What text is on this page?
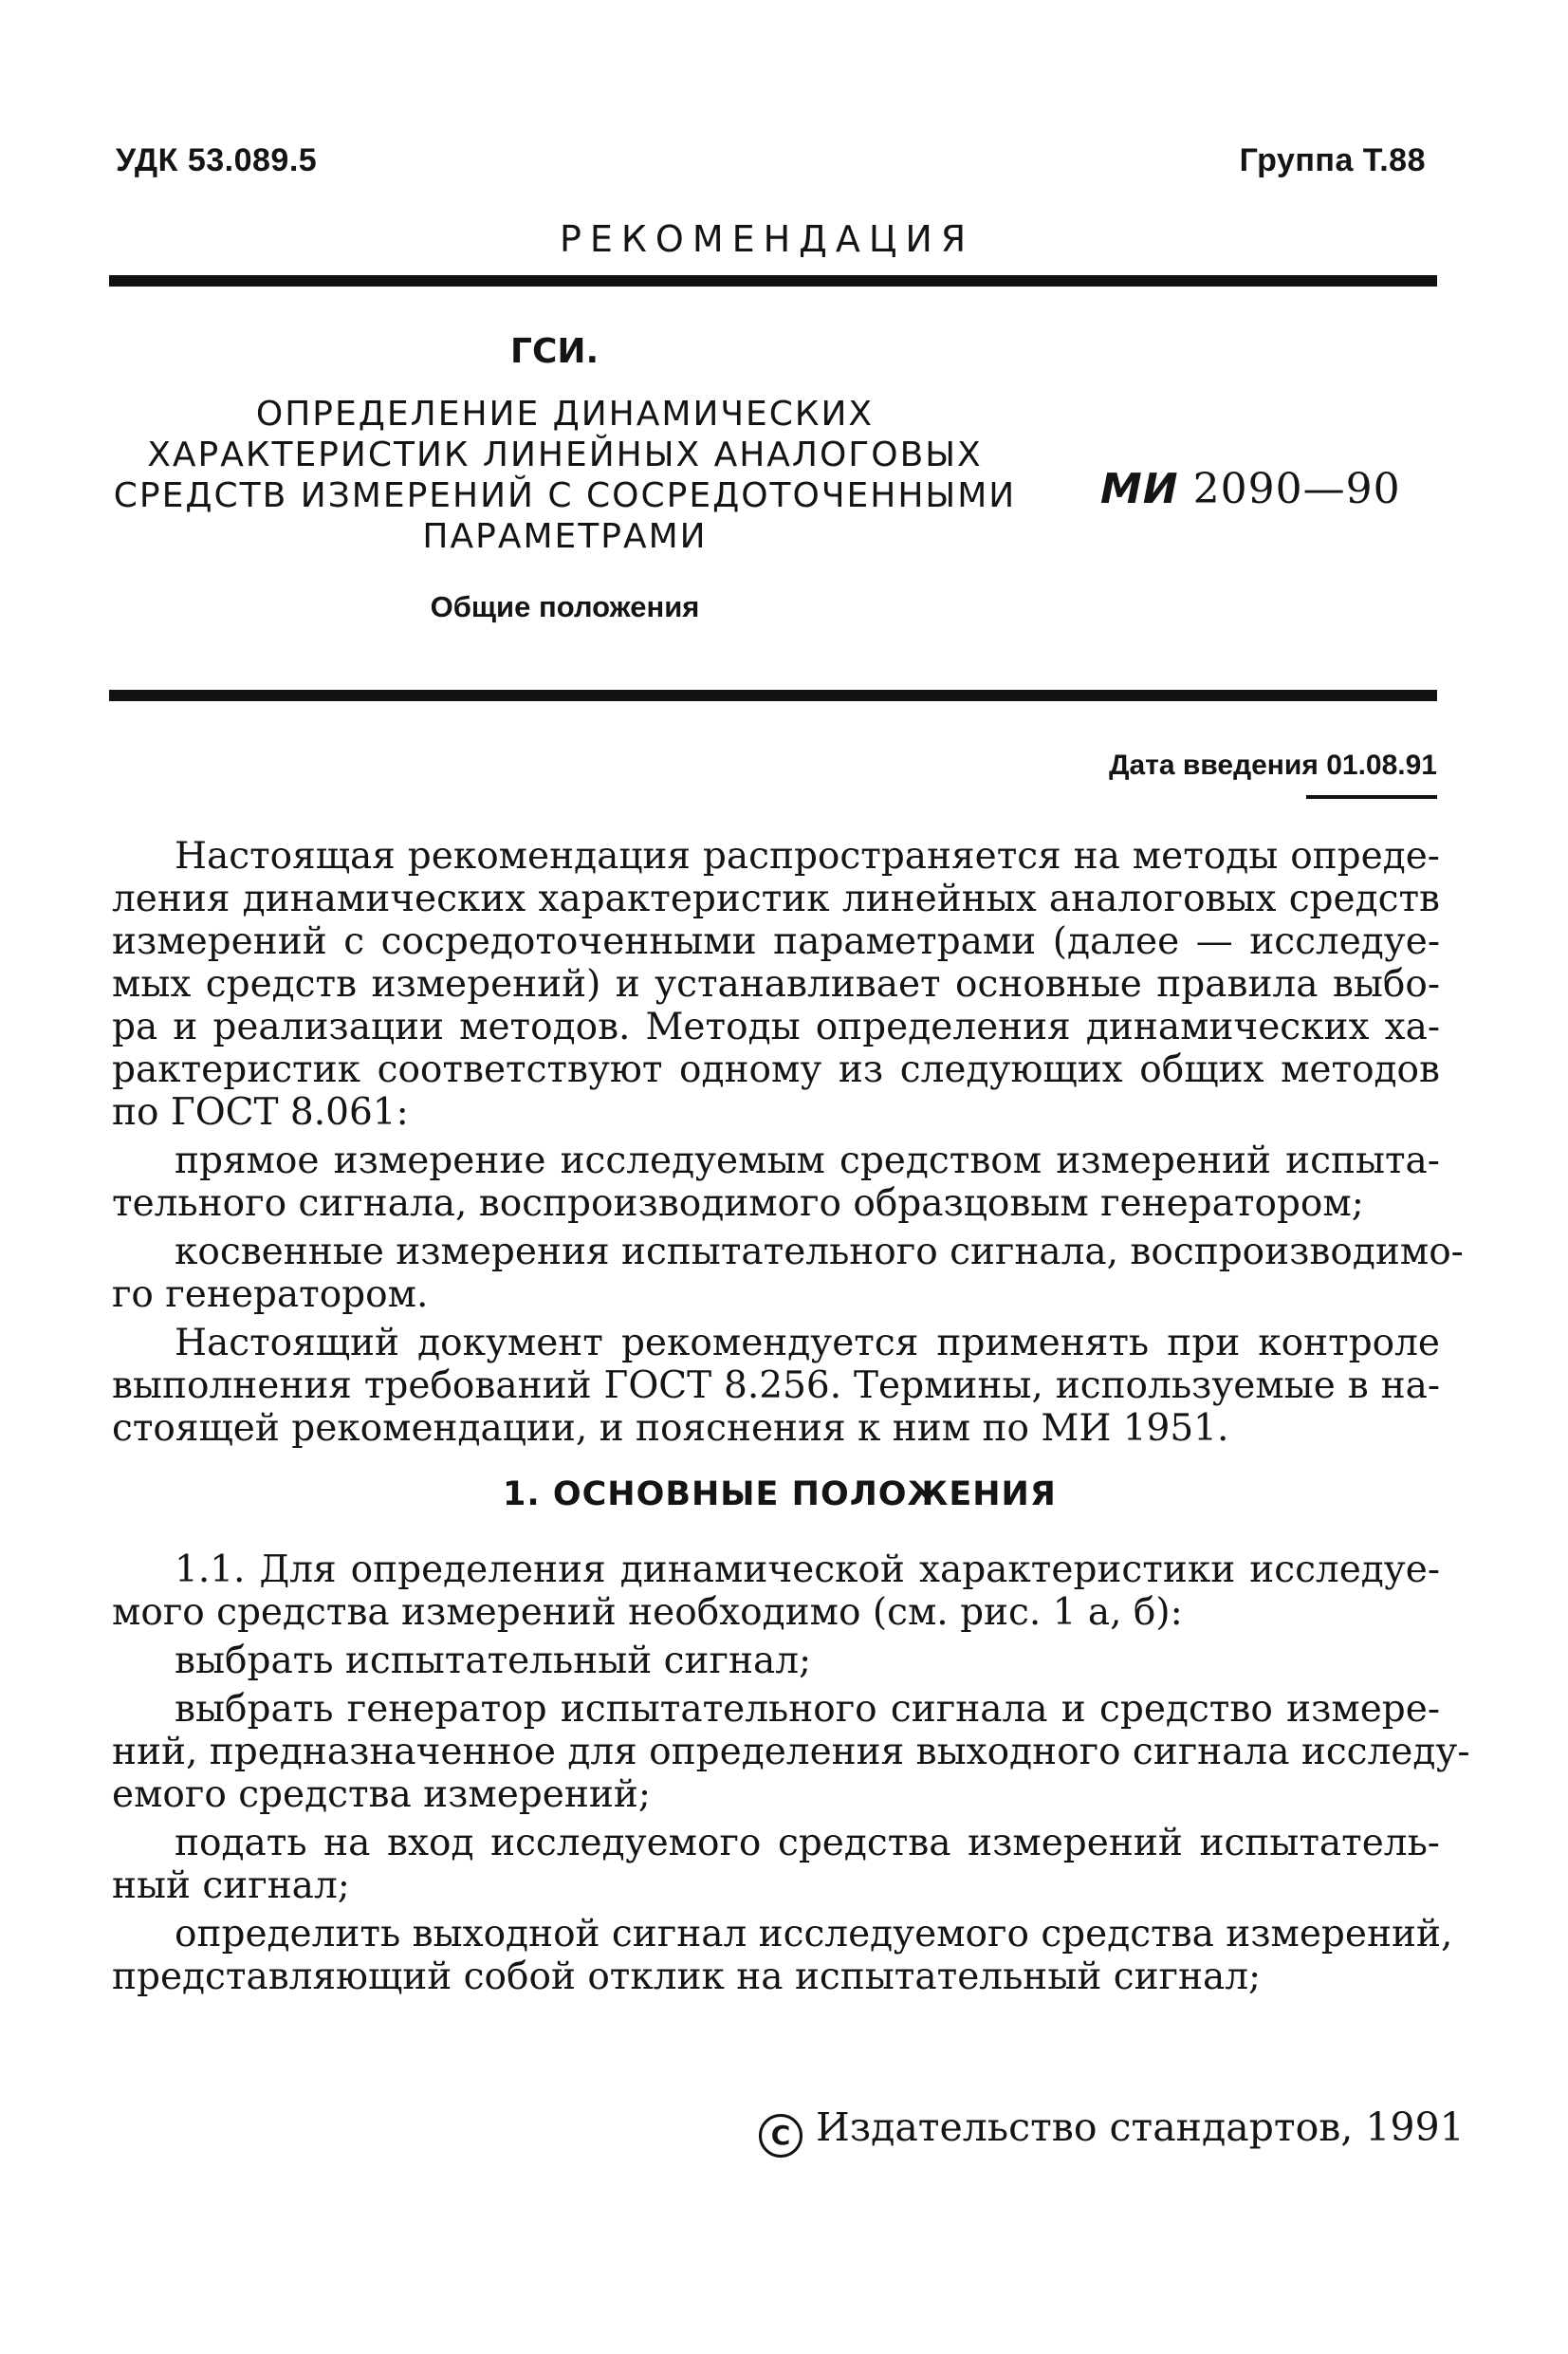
УДК 53.089.5	Группа Т.88
РЕКОМЕНДАЦИЯ
ГСИ.
ОПРЕДЕЛЕНИЕ ДИНАМИЧЕСКИХ
ХАРАКТЕРИСТИК ЛИНЕЙНЫХ АНАЛОГОВЫХ
СРЕДСТВ ИЗМЕРЕНИЙ С СОСРЕДОТОЧЕННЫМИ
ПАРАМЕТРАМИ
Общие положения
МИ 2090—90
Дата введения 01.08.91
Настоящая рекомендация распространяется на методы опреде-
ления динамических характеристик линейных аналоговых средств
измерений с сосредоточенными параметрами (далее — исследуе-
мых средств измерений) и устанавливает основные правила выбо-
ра и реализации методов. Методы определения динамических ха-
рактеристик соответствуют одному из следующих общих методов
по ГОСТ 8.061:
прямое измерение исследуемым средством измерений испыта-
тельного сигнала, воспроизводимого образцовым генератором;
косвенные измерения испытательного сигнала, воспроизводимо-
го генератором.
Настоящий документ рекомендуется применять при контроле
выполнения требований ГОСТ 8.256. Термины, используемые в на-
стоящей рекомендации, и пояснения к ним по МИ 1951.
1. ОСНОВНЫЕ ПОЛОЖЕНИЯ
1.1. Для определения динамической характеристики исследуе-
мого средства измерений необходимо (см. рис. 1 а, б):
выбрать испытательный сигнал;
выбрать генератор испытательного сигнала и средство измере-
ний, предназначенное для определения выходного сигнала исследу-
емого средства измерений;
подать на вход исследуемого средства измерений испытатель-
ный сигнал;
определить выходной сигнал исследуемого средства измерений,
представляющий собой отклик на испытательный сигнал;
C Издательство стандартов, 1991
